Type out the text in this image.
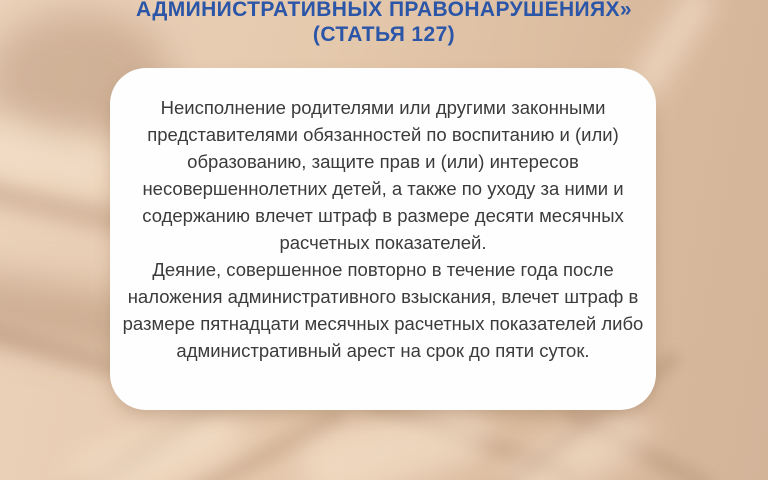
АДМИНИСТРАТИВНЫХ ПРАВОНАРУШЕНИЯХ»
(СТАТЬЯ 127)

Неисполнение родителями или другими законными представителями обязанностей по воспитанию и (или) образованию, защите прав и (или) интересов несовершеннолетних детей, а также по уходу за ними и содержанию влечет штраф в размере десяти месячных расчетных показателей.

Деяние, совершенное повторно в течение года после наложения административного взыскания, влечет штраф в размере пятнадцати месячных расчетных показателей либо административный арест на срок до пяти суток.
